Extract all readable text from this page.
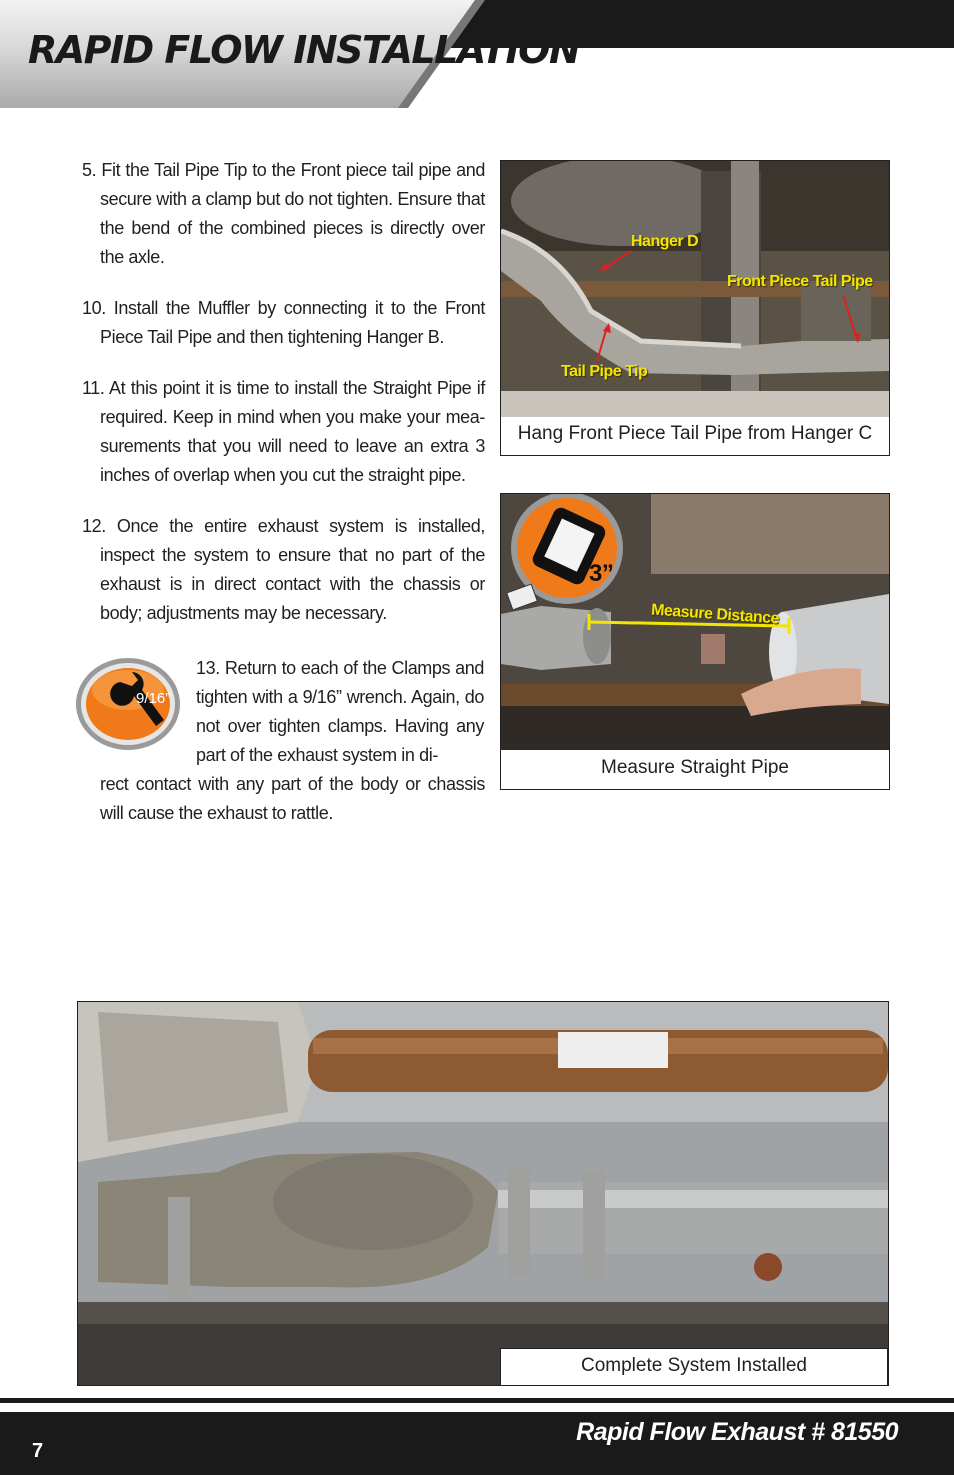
RAPID FLOW INSTALLATION

5. Fit the Tail Pipe Tip to the Front piece tail pipe and secure with a clamp but do not tighten. Ensure that the bend of the combined pieces is directly over the axle.

10. Install the Muffler by connecting it to the Front Piece Tail Pipe and then tightening Hanger B.

11. At this point it is time to install the Straight Pipe if required. Keep in mind when you make your mea-surements that you will need to leave an extra 3 inches of overlap when you cut the straight pipe.

12. Once the entire exhaust system is installed, inspect the system to ensure that no part of the exhaust is in direct contact with the chassis or body; adjustments may be necessary.

9/16”

13. Return to each of the Clamps and tighten with a 9/16” wrench. Again, do not over tighten clamps. Having any part of the exhaust system in di-

rect contact with any part of the body or chassis will cause the exhaust to rattle.

Hanger D
Front Piece Tail Pipe
Tail Pipe Tip
Hang Front Piece Tail Pipe from Hanger C
3”
Measure Distance
Measure Straight Pipe
Complete System Installed
7
Rapid Flow Exhaust # 81550
